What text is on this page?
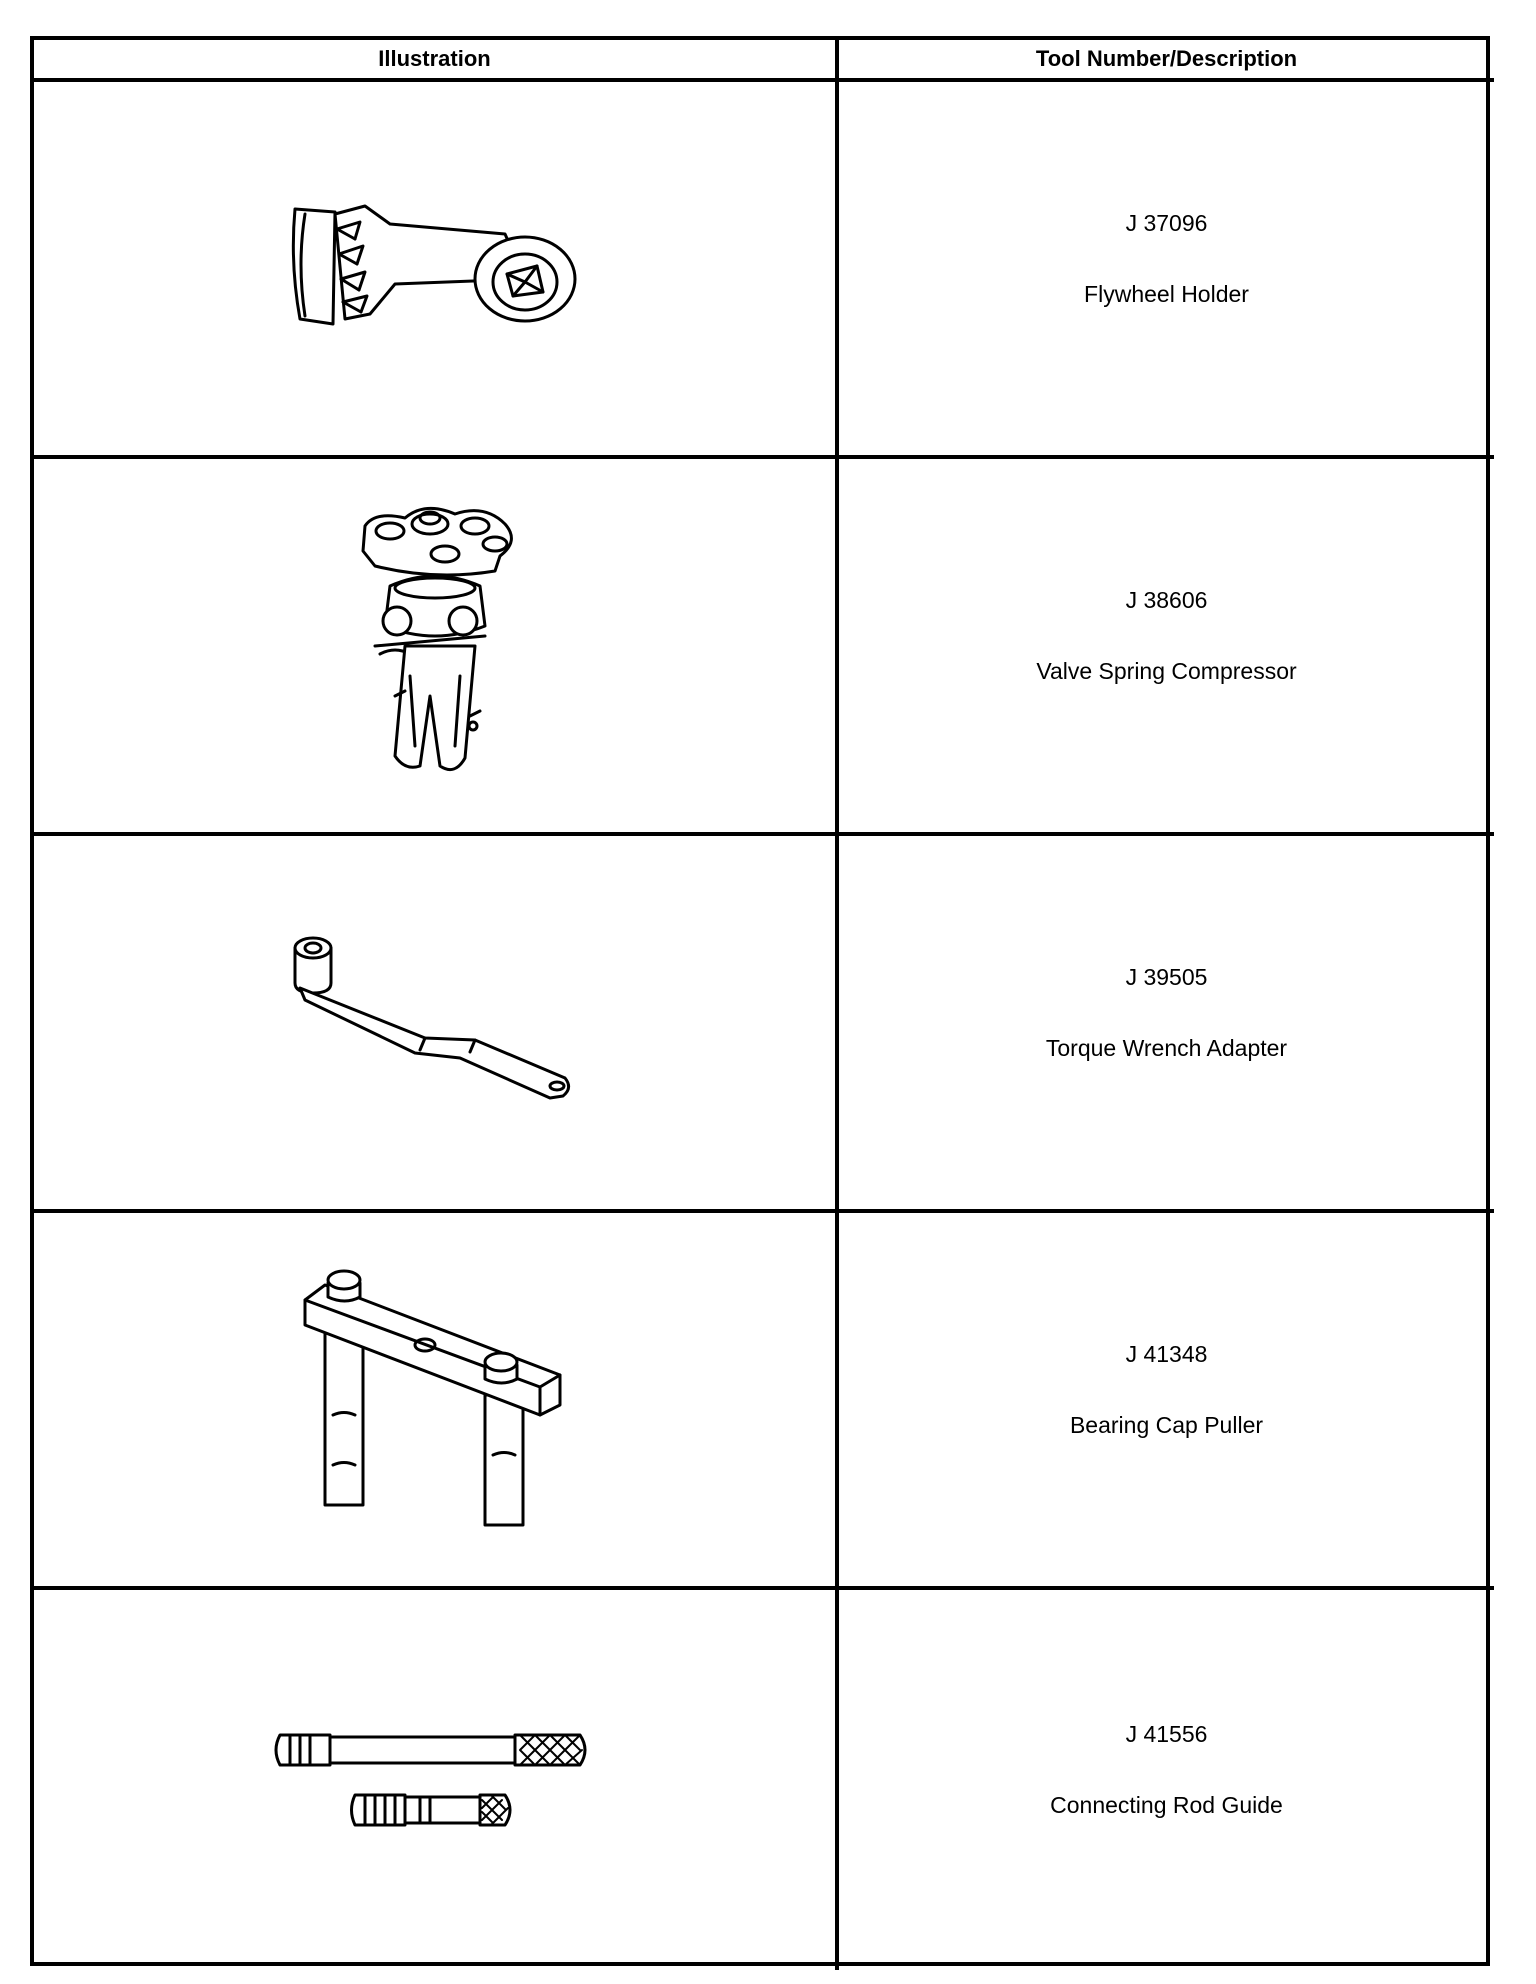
Illustration	Tool Number/Description
J 37096
Flywheel Holder
J 38606
Valve Spring Compressor
J 39505
Torque Wrench Adapter
J 41348
Bearing Cap Puller
J 41556
Connecting Rod Guide
